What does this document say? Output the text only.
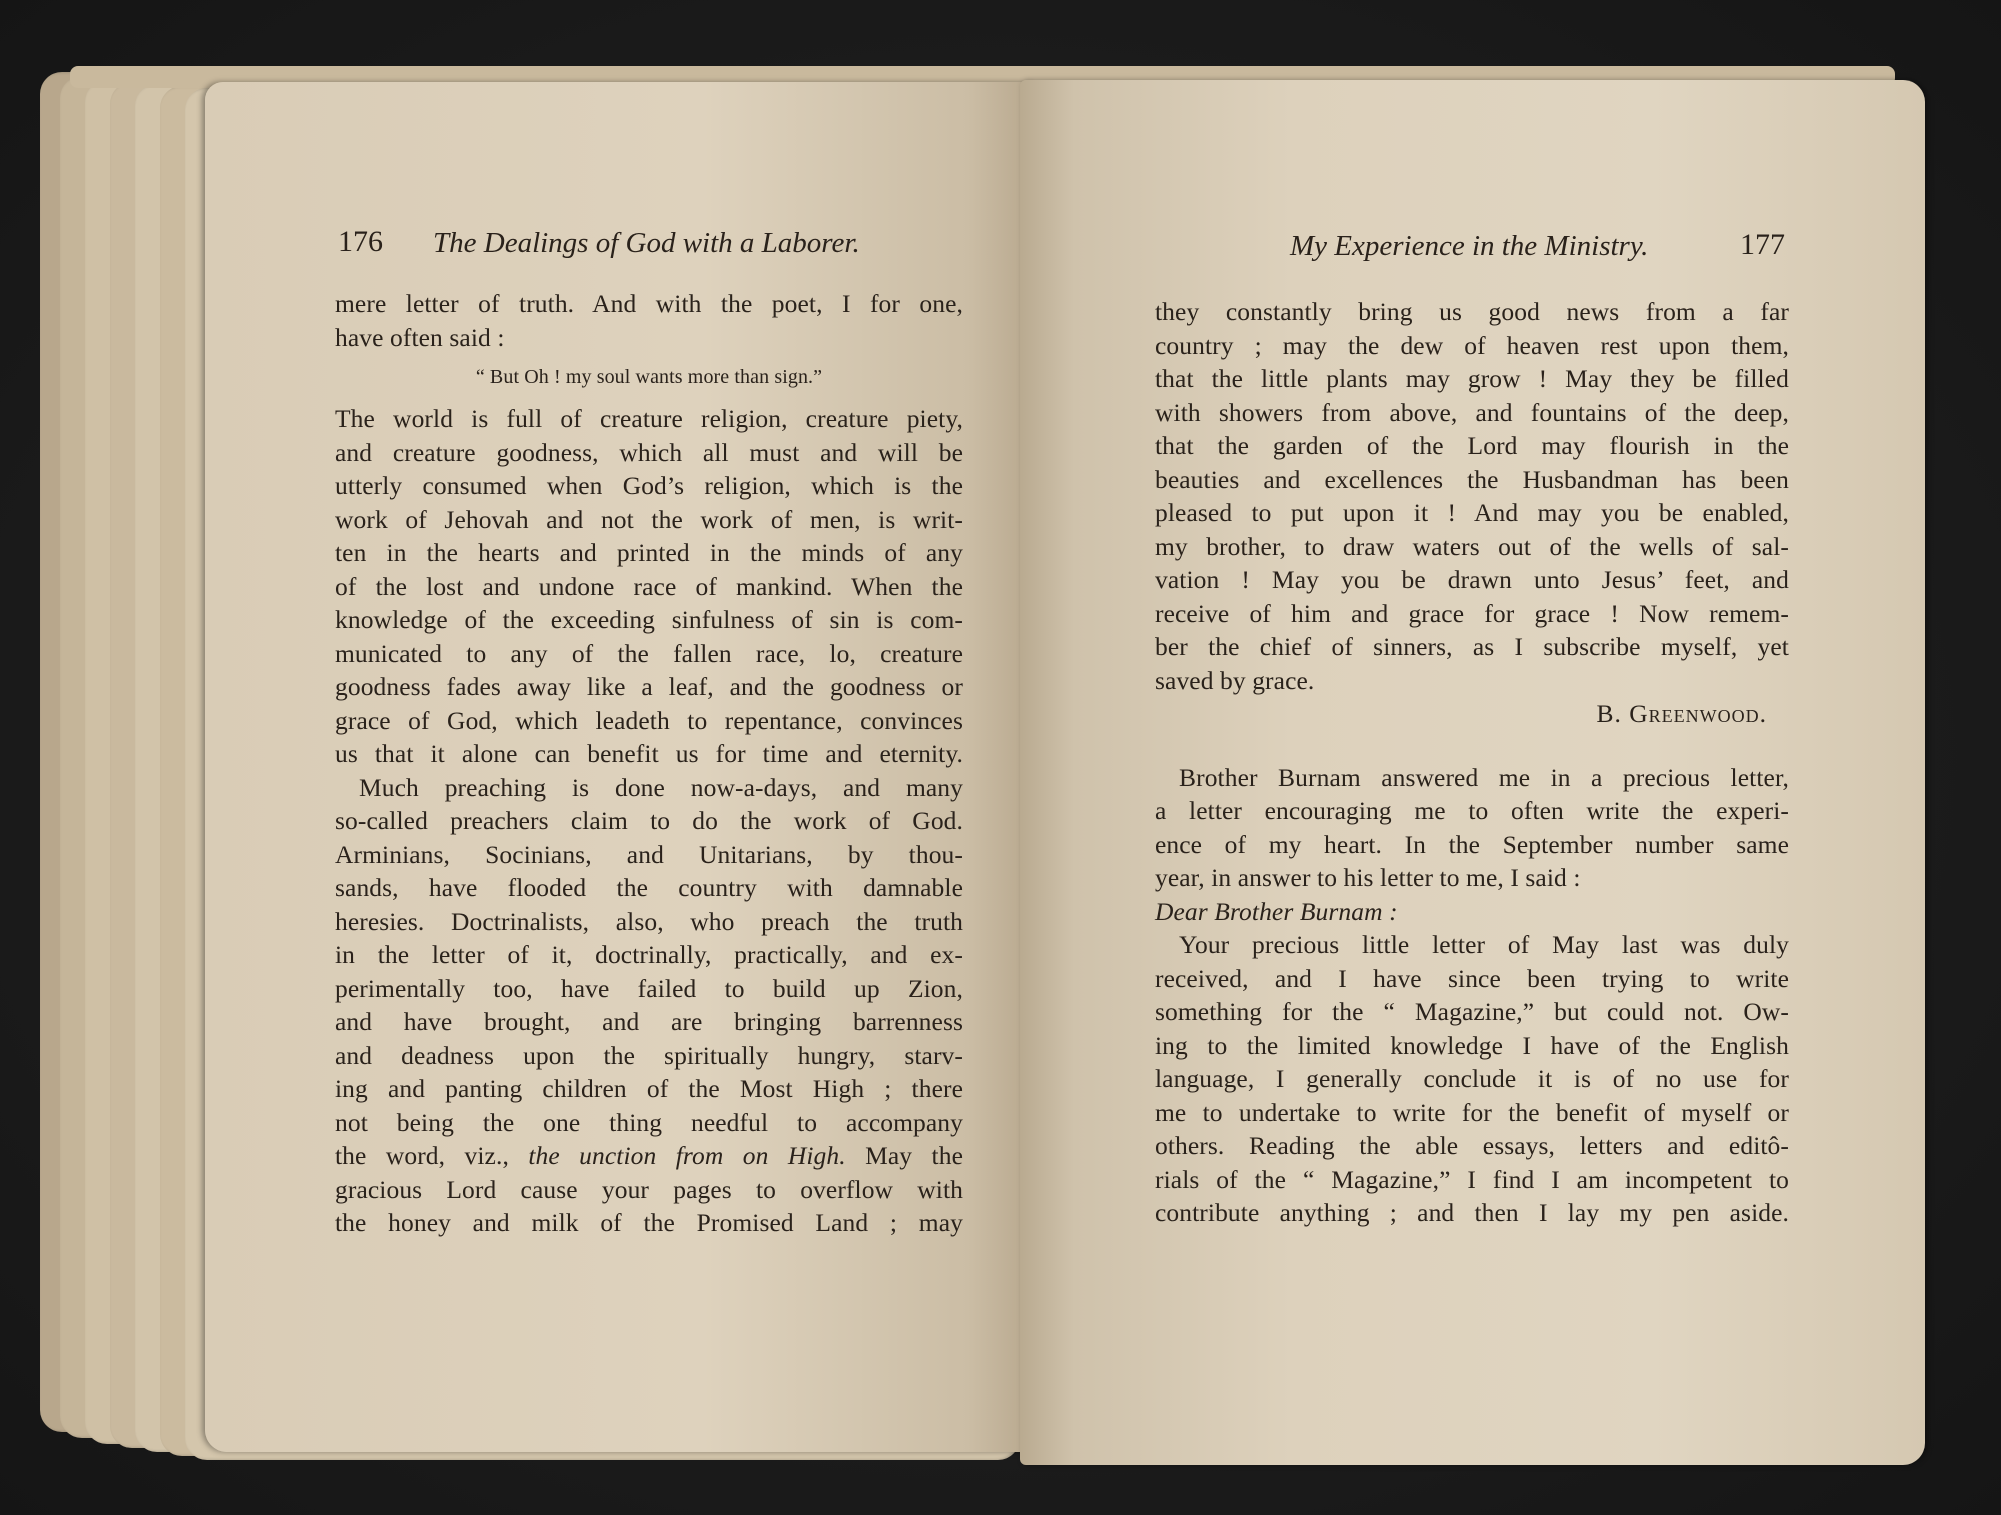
176 The Dealings of God with a Laborer.

mere letter of truth. And with the poet, I for one,

have often said :

“ But Oh ! my soul wants more than sign.”

The world is full of creature religion, creature piety,

and creature goodness, which all must and will be

utterly consumed when God’s religion, which is the

work of Jehovah and not the work of men, is writ-

ten in the hearts and printed in the minds of any

of the lost and undone race of mankind. When the

knowledge of the exceeding sinfulness of sin is com-

municated to any of the fallen race, lo, creature

goodness fades away like a leaf, and the goodness or

grace of God, which leadeth to repentance, convinces

us that it alone can benefit us for time and eternity.

Much preaching is done now-a-days, and many

so-called preachers claim to do the work of God.

Arminians, Socinians, and Unitarians, by thou-

sands, have flooded the country with damnable

heresies. Doctrinalists, also, who preach the truth

in the letter of it, doctrinally, practically, and ex-

perimentally too, have failed to build up Zion,

and have brought, and are bringing barrenness

and deadness upon the spiritually hungry, starv-

ing and panting children of the Most High ; there

not being the one thing needful to accompany

the word, viz., the unction from on High. May the

gracious Lord cause your pages to overflow with

the honey and milk of the Promised Land ; may

My Experience in the Ministry.	177

they constantly bring us good news from a far

country ; may the dew of heaven rest upon them,

that the little plants may grow ! May they be filled

with showers from above, and fountains of the deep,

that the garden of the Lord may flourish in the

beauties and excellences the Husbandman has been

pleased to put upon it ! And may you be enabled,

my brother, to draw waters out of the wells of sal-

vation ! May you be drawn unto Jesus’ feet, and

receive of him and grace for grace ! Now remem-

ber the chief of sinners, as I subscribe myself, yet

saved by grace.

B. Greenwood.

Brother Burnam answered me in a precious letter,

a letter encouraging me to often write the experi-

ence of my heart. In the September number same

year, in answer to his letter to me, I said :

Dear Brother Burnam :

Your precious little letter of May last was duly

received, and I have since been trying to write

something for the “ Magazine,” but could not. Ow-

ing to the limited knowledge I have of the English

language, I generally conclude it is of no use for

me to undertake to write for the benefit of myself or

others. Reading the able essays, letters and editô-

rials of the “ Magazine,” I find I am incompetent to

contribute anything ; and then I lay my pen aside.
